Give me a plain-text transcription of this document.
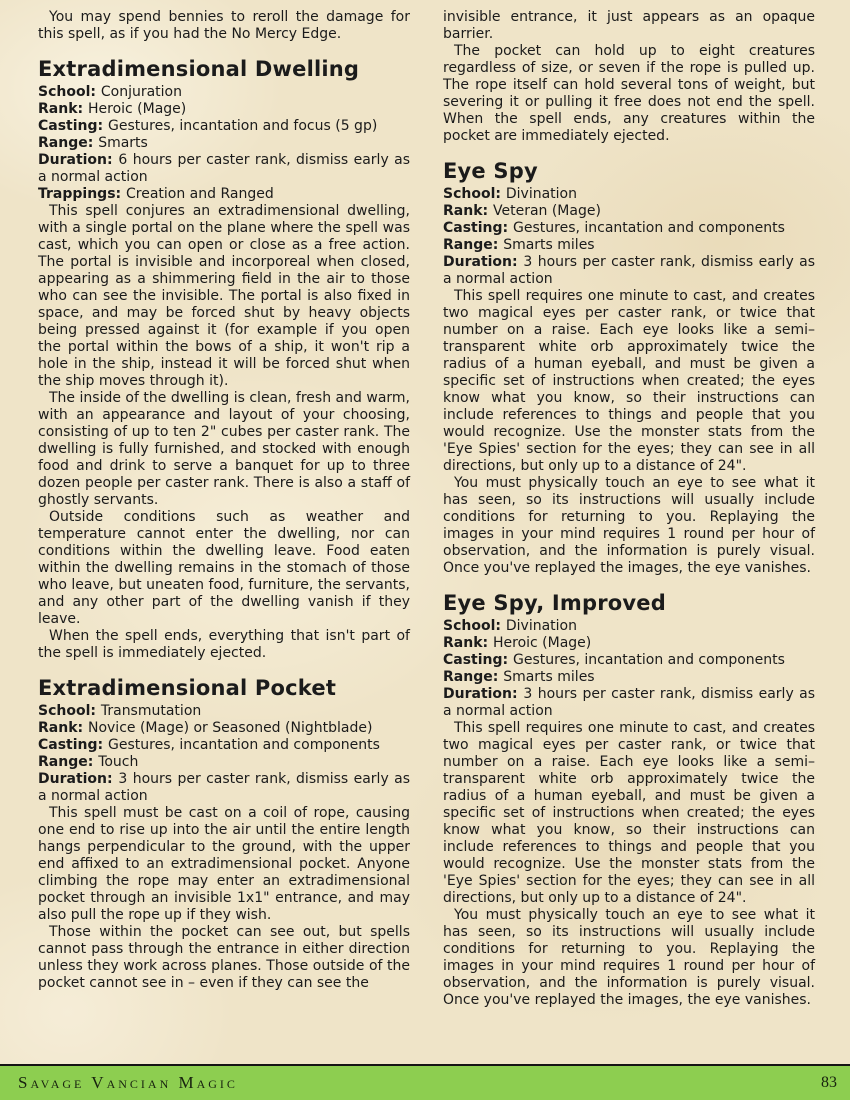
You may spend bennies to reroll the damage for this spell, as if you had the No Mercy Edge.

Extradimensional Dwelling
School: Conjuration
Rank: Heroic (Mage)
Casting: Gestures, incantation and focus (5 gp)
Range: Smarts
Duration: 6 hours per caster rank, dismiss early as a normal action
Trappings: Creation and Ranged

This spell conjures an extradimensional dwelling, with a single portal on the plane where the spell was cast, which you can open or close as a free action. The portal is invisible and incorporeal when closed, appearing as a shimmering field in the air to those who can see the invisible. The portal is also fixed in space, and may be forced shut by heavy objects being pressed against it (for example if you open the portal within the bows of a ship, it won't rip a hole in the ship, instead it will be forced shut when the ship moves through it).

The inside of the dwelling is clean, fresh and warm, with an appearance and layout of your choosing, consisting of up to ten 2" cubes per caster rank. The dwelling is fully furnished, and stocked with enough food and drink to serve a banquet for up to three dozen people per caster rank. There is also a staff of ghostly servants.

Outside conditions such as weather and temperature cannot enter the dwelling, nor can conditions within the dwelling leave. Food eaten within the dwelling remains in the stomach of those who leave, but uneaten food, furniture, the servants, and any other part of the dwelling vanish if they leave.

When the spell ends, everything that isn't part of the spell is immediately ejected.

Extradimensional Pocket
School: Transmutation
Rank: Novice (Mage) or Seasoned (Nightblade)
Casting: Gestures, incantation and components
Range: Touch
Duration: 3 hours per caster rank, dismiss early as a normal action

This spell must be cast on a coil of rope, causing one end to rise up into the air until the entire length hangs perpendicular to the ground, with the upper end affixed to an extradimensional pocket. Anyone climbing the rope may enter an extradimensional pocket through an invisible 1x1" entrance, and may also pull the rope up if they wish.

Those within the pocket can see out, but spells cannot pass through the entrance in either direction unless they work across planes. Those outside of the pocket cannot see in – even if they can see the

invisible entrance, it just appears as an opaque barrier.

The pocket can hold up to eight creatures regardless of size, or seven if the rope is pulled up. The rope itself can hold several tons of weight, but severing it or pulling it free does not end the spell. When the spell ends, any creatures within the pocket are immediately ejected.

Eye Spy
School: Divination
Rank: Veteran (Mage)
Casting: Gestures, incantation and components
Range: Smarts miles
Duration: 3 hours per caster rank, dismiss early as a normal action

This spell requires one minute to cast, and creates two magical eyes per caster rank, or twice that number on a raise. Each eye looks like a semi–transparent white orb approximately twice the radius of a human eyeball, and must be given a specific set of instructions when created; the eyes know what you know, so their instructions can include references to things and people that you would recognize. Use the monster stats from the 'Eye Spies' section for the eyes; they can see in all directions, but only up to a distance of 24".

You must physically touch an eye to see what it has seen, so its instructions will usually include conditions for returning to you. Replaying the images in your mind requires 1 round per hour of observation, and the information is purely visual. Once you've replayed the images, the eye vanishes.

Eye Spy, Improved
School: Divination
Rank: Heroic (Mage)
Casting: Gestures, incantation and components
Range: Smarts miles
Duration: 3 hours per caster rank, dismiss early as a normal action

This spell requires one minute to cast, and creates two magical eyes per caster rank, or twice that number on a raise. Each eye looks like a semi–transparent white orb approximately twice the radius of a human eyeball, and must be given a specific set of instructions when created; the eyes know what you know, so their instructions can include references to things and people that you would recognize. Use the monster stats from the 'Eye Spies' section for the eyes; they can see in all directions, but only up to a distance of 24".

You must physically touch an eye to see what it has seen, so its instructions will usually include conditions for returning to you. Replaying the images in your mind requires 1 round per hour of observation, and the information is purely visual. Once you've replayed the images, the eye vanishes.

Savage Vancian Magic	83
